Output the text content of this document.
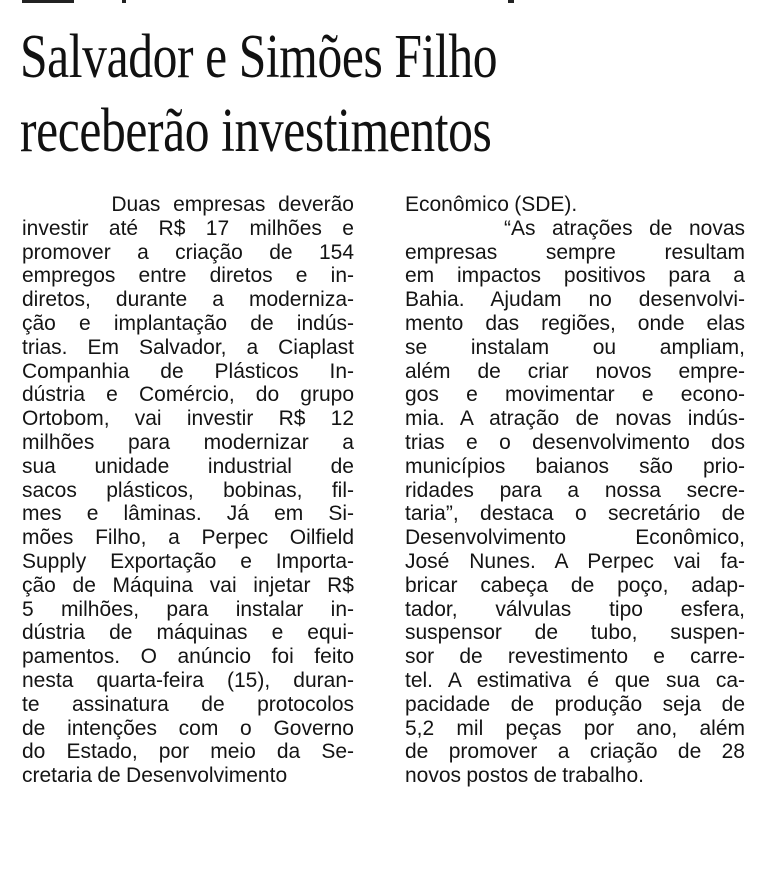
Salvador e Simões Filho
receberão investimentos

Duas empresas deverão

investir até R$ 17 milhões e

promover a criação de 154

empregos entre diretos e in-

diretos, durante a moderniza-

ção e implantação de indús-

trias. Em Salvador, a Ciaplast

Companhia de Plásticos In-

dústria e Comércio, do grupo

Ortobom, vai investir R$ 12

milhões para modernizar a

sua unidade industrial de

sacos plásticos, bobinas, fil-

mes e lâminas. Já em Si-

mões Filho, a Perpec Oilfield

Supply Exportação e Importa-

ção de Máquina vai injetar R$

5 milhões, para instalar in-

dústria de máquinas e equi-

pamentos. O anúncio foi feito

nesta quarta-feira (15), duran-

te assinatura de protocolos

de intenções com o Governo

do Estado, por meio da Se-

cretaria de Desenvolvimento

Econômico (SDE).

“As atrações de novas

empresas sempre resultam

em impactos positivos para a

Bahia. Ajudam no desenvolvi-

mento das regiões, onde elas

se instalam ou ampliam,

além de criar novos empre-

gos e movimentar e econo-

mia. A atração de novas indús-

trias e o desenvolvimento dos

municípios baianos são prio-

ridades para a nossa secre-

taria”, destaca o secretário de

Desenvolvimento Econômico,

José Nunes. A Perpec vai fa-

bricar cabeça de poço, adap-

tador, válvulas tipo esfera,

suspensor de tubo, suspen-

sor de revestimento e carre-

tel. A estimativa é que sua ca-

pacidade de produção seja de

5,2 mil peças por ano, além

de promover a criação de 28

novos postos de trabalho.
